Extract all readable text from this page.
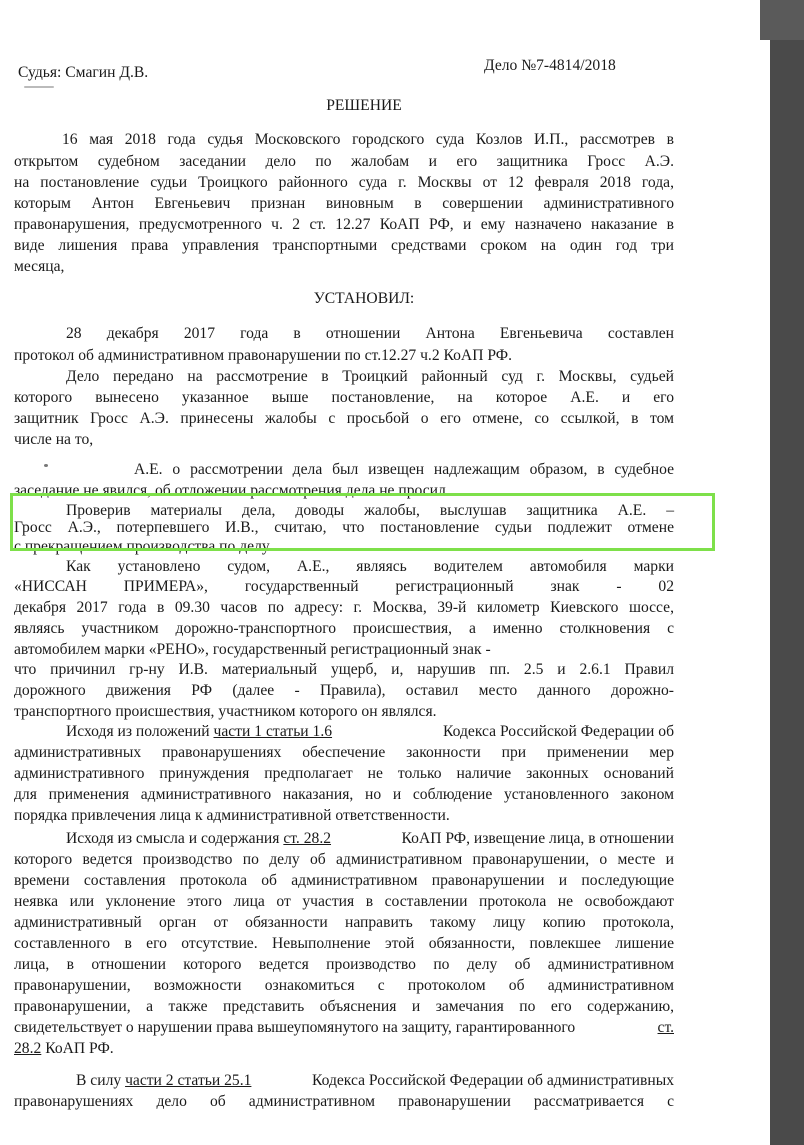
Судья: Смагин Д.В.	Дело №7-4814/2018

РЕШЕНИЕ

16 мая 2018 года судья Московского городского суда Козлов И.П., рассмотрев в

открытом судебном заседании дело по жалобам и его защитника Гросс А.Э.

на постановление судьи Троицкого районного суда г. Москвы от 12 февраля 2018 года,

которым Антон Евгеньевич признан виновным в совершении административного

правонарушения, предусмотренного ч. 2 ст. 12.27 КоАП РФ, и ему назначено наказание в

виде лишения права управления транспортными средствами сроком на один год три

месяца,

УСТАНОВИЛ:

28 декабря 2017 года в отношении Антона Евгеньевича составлен

протокол об административном правонарушении по ст.12.27 ч.2 КоАП РФ.

Дело передано на рассмотрение в Троицкий районный суд г. Москвы, судьей

которого вынесено указанное выше постановление, на которое А.Е. и его

защитник Гросс А.Э. принесены жалобы с просьбой о его отмене, со ссылкой, в том

числе на то,

А.Е. о рассмотрении дела был извещен надлежащим образом, в судебное

заседание не явился, об отложении рассмотрения дела не просил.

Проверив материалы дела, доводы жалобы, выслушав защитника А.Е. –

Гросс А.Э., потерпевшего И.В., считаю, что постановление судьи подлежит отмене

с прекращением производства по делу.

Как установлено судом, А.Е., являясь водителем автомобиля марки

«НИССАН ПРИМЕРА», государственный регистрационный знак - 02

декабря 2017 года в 09.30 часов по адресу: г. Москва, 39-й километр Киевского шоссе,

являясь участником дорожно-транспортного происшествия, а именно столкновения с

автомобилем марки «РЕНО», государственный регистрационный знак -

что причинил гр-ну И.В. материальный ущерб, и, нарушив пп. 2.5 и 2.6.1 Правил

дорожного движения РФ (далее - Правила), оставил место данного дорожно-

транспортного происшествия, участником которого он являлся.

Исходя из положений
части 1 статьи 1.6	Кодекса Российской Федерации об

административных правонарушениях обеспечение законности при применении мер

административного принуждения предполагает не только наличие законных оснований

для применения административного наказания, но и соблюдение установленного законом

порядка привлечения лица к административной ответственности.

Исходя из смысла и содержания
ст. 28.2	КоАП РФ, извещение лица, в отношении

которого ведется производство по делу об административном правонарушении, о месте и

времени составления протокола об административном правонарушении и последующие

неявка или уклонение этого лица от участия в составлении протокола не освобождают

административный орган от обязанности направить такому лицу копию протокола,

составленного в его отсутствие. Невыполнение этой обязанности, повлекшее лишение

лица, в отношении которого ведется производство по делу об административном

правонарушении, возможности ознакомиться с протоколом об административном

правонарушении, а также представить объяснения и замечания по его содержанию,

свидетельствует о нарушении права вышеупомянутого на защиту, гарантированного	ст.

28.2 КоАП РФ.

В силу
части 2 статьи 25.1	Кодекса Российской Федерации об административных

правонарушениях дело об административном правонарушении рассматривается с
